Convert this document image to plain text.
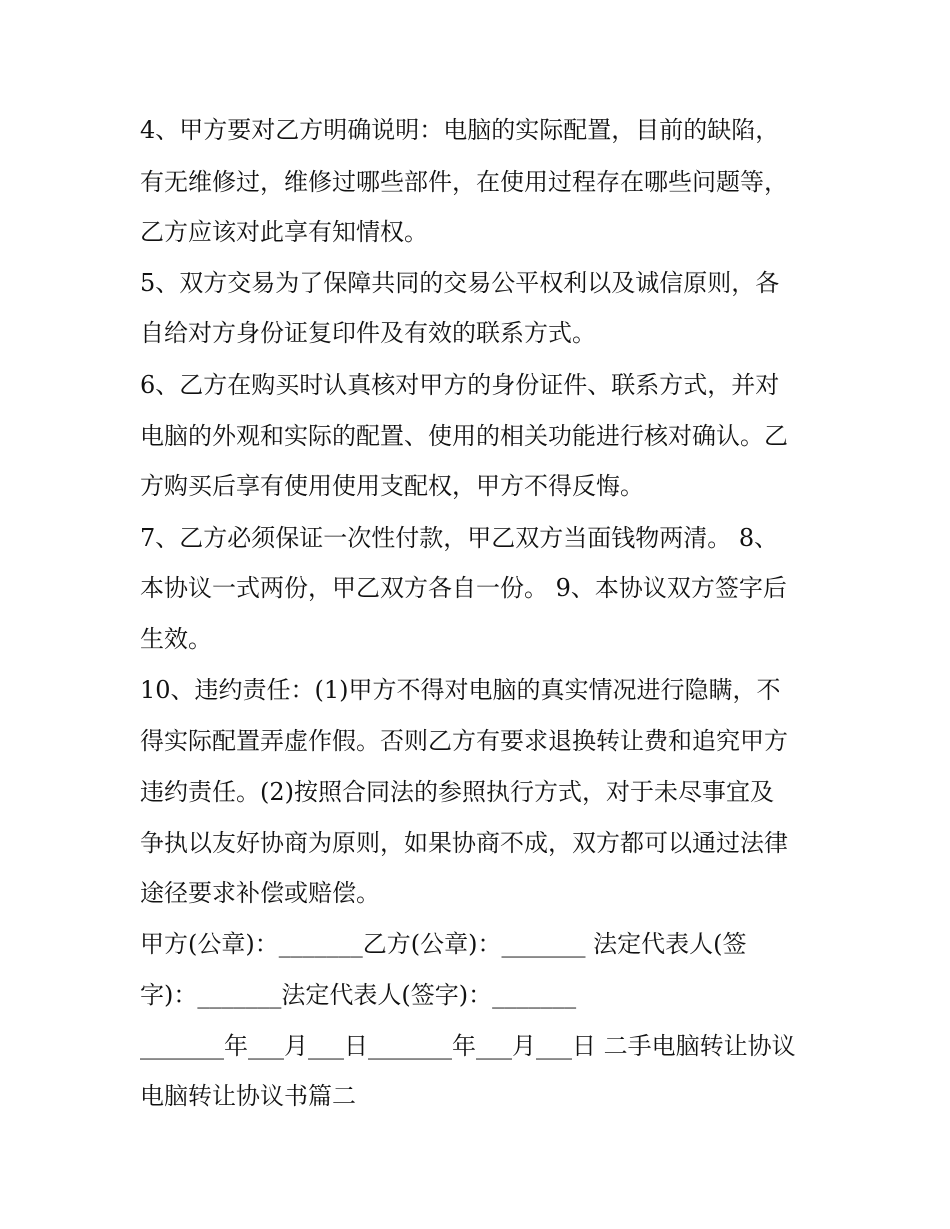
4、甲方要对乙方明确说明：电脑的实际配置，目前的缺陷，
有无维修过，维修过哪些部件，在使用过程存在哪些问题等，
乙方应该对此享有知情权。
5、双方交易为了保障共同的交易公平权利以及诚信原则，各
自给对方身份证复印件及有效的联系方式。
6、乙方在购买时认真核对甲方的身份证件、联系方式，并对
电脑的外观和实际的配置、使用的相关功能进行核对确认。乙
方购买后享有使用使用支配权，甲方不得反悔。
7、乙方必须保证一次性付款，甲乙双方当面钱物两清。 8、
本协议一式两份，甲乙双方各自一份。 9、本协议双方签字后
生效。
10、违约责任：(1)甲方不得对电脑的真实情况进行隐瞒，不
得实际配置弄虚作假。否则乙方有要求退换转让费和追究甲方
违约责任。(2)按照合同法的参照执行方式，对于未尽事宜及
争执以友好协商为原则，如果协商不成，双方都可以通过法律
途径要求补偿或赔偿。
甲方(公章)：_______乙方(公章)：_______ 法定代表人(签
字)：_______法定代表人(签字)：_______
_______年___月___日_______年___月___日 二手电脑转让协议
电脑转让协议书篇二
